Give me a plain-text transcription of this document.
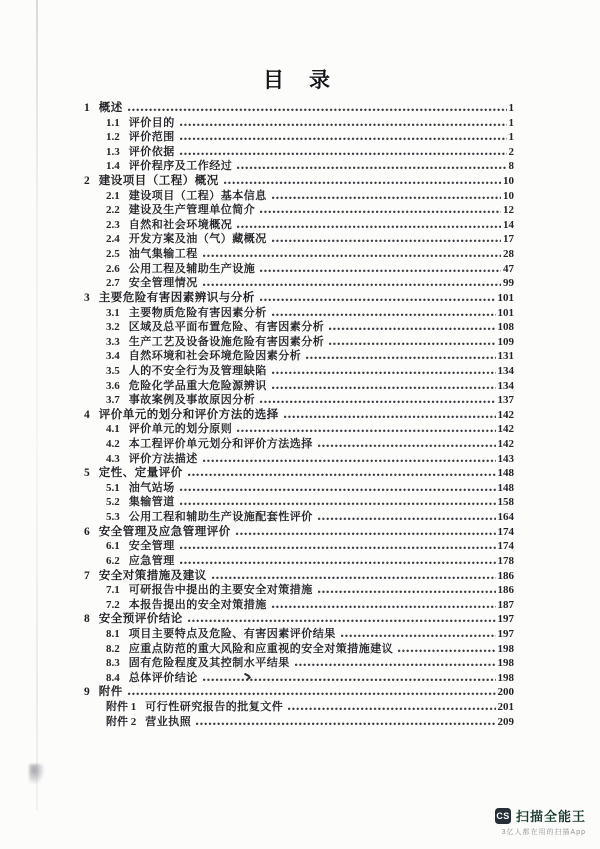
目　录
1 概述	1
1.1 评价目的	1
1.2 评价范围	1
1.3 评价依据	2
1.4 评价程序及工作经过	8
2 建设项目（工程）概况	10
2.1 建设项目（工程）基本信息	10
2.2 建设及生产管理单位简介	12
2.3 自然和社会环境概况	14
2.4 开发方案及油（气）藏概况	17
2.5 油气集输工程	28
2.6 公用工程及辅助生产设施	47
2.7 安全管理情况	99
3 主要危险有害因素辨识与分析	101
3.1 主要物质危险有害因素分析	101
3.2 区域及总平面布置危险、有害因素分析	108
3.3 生产工艺及设备设施危险有害因素分析	109
3.4 自然环境和社会环境危险因素分析	131
3.5 人的不安全行为及管理缺陷	134
3.6 危险化学品重大危险源辨识	134
3.7 事故案例及事故原因分析	137
4 评价单元的划分和评价方法的选择	142
4.1 评价单元的划分原则	142
4.2 本工程评价单元划分和评价方法选择	142
4.3 评价方法描述	143
5 定性、定量评价	148
5.1 油气站场	148
5.2 集输管道	158
5.3 公用工程和辅助生产设施配套性评价	164
6 安全管理及应急管理评价	174
6.1 安全管理	174
6.2 应急管理	178
7 安全对策措施及建议	186
7.1 可研报告中提出的主要安全对策措施	186
7.2 本报告提出的安全对策措施	187
8 安全预评价结论	197
8.1 项目主要特点及危险、有害因素评价结果	197
8.2 应重点防范的重大风险和应重视的安全对策措施建议	198
8.3 固有危险程度及其控制水平结果	198
8.4 总体评价结论	198
9 附件	200
附件 1 可行性研究报告的批复文件	201
附件 2 营业执照	209
CS 扫描全能王
3亿人都在用的扫描App
